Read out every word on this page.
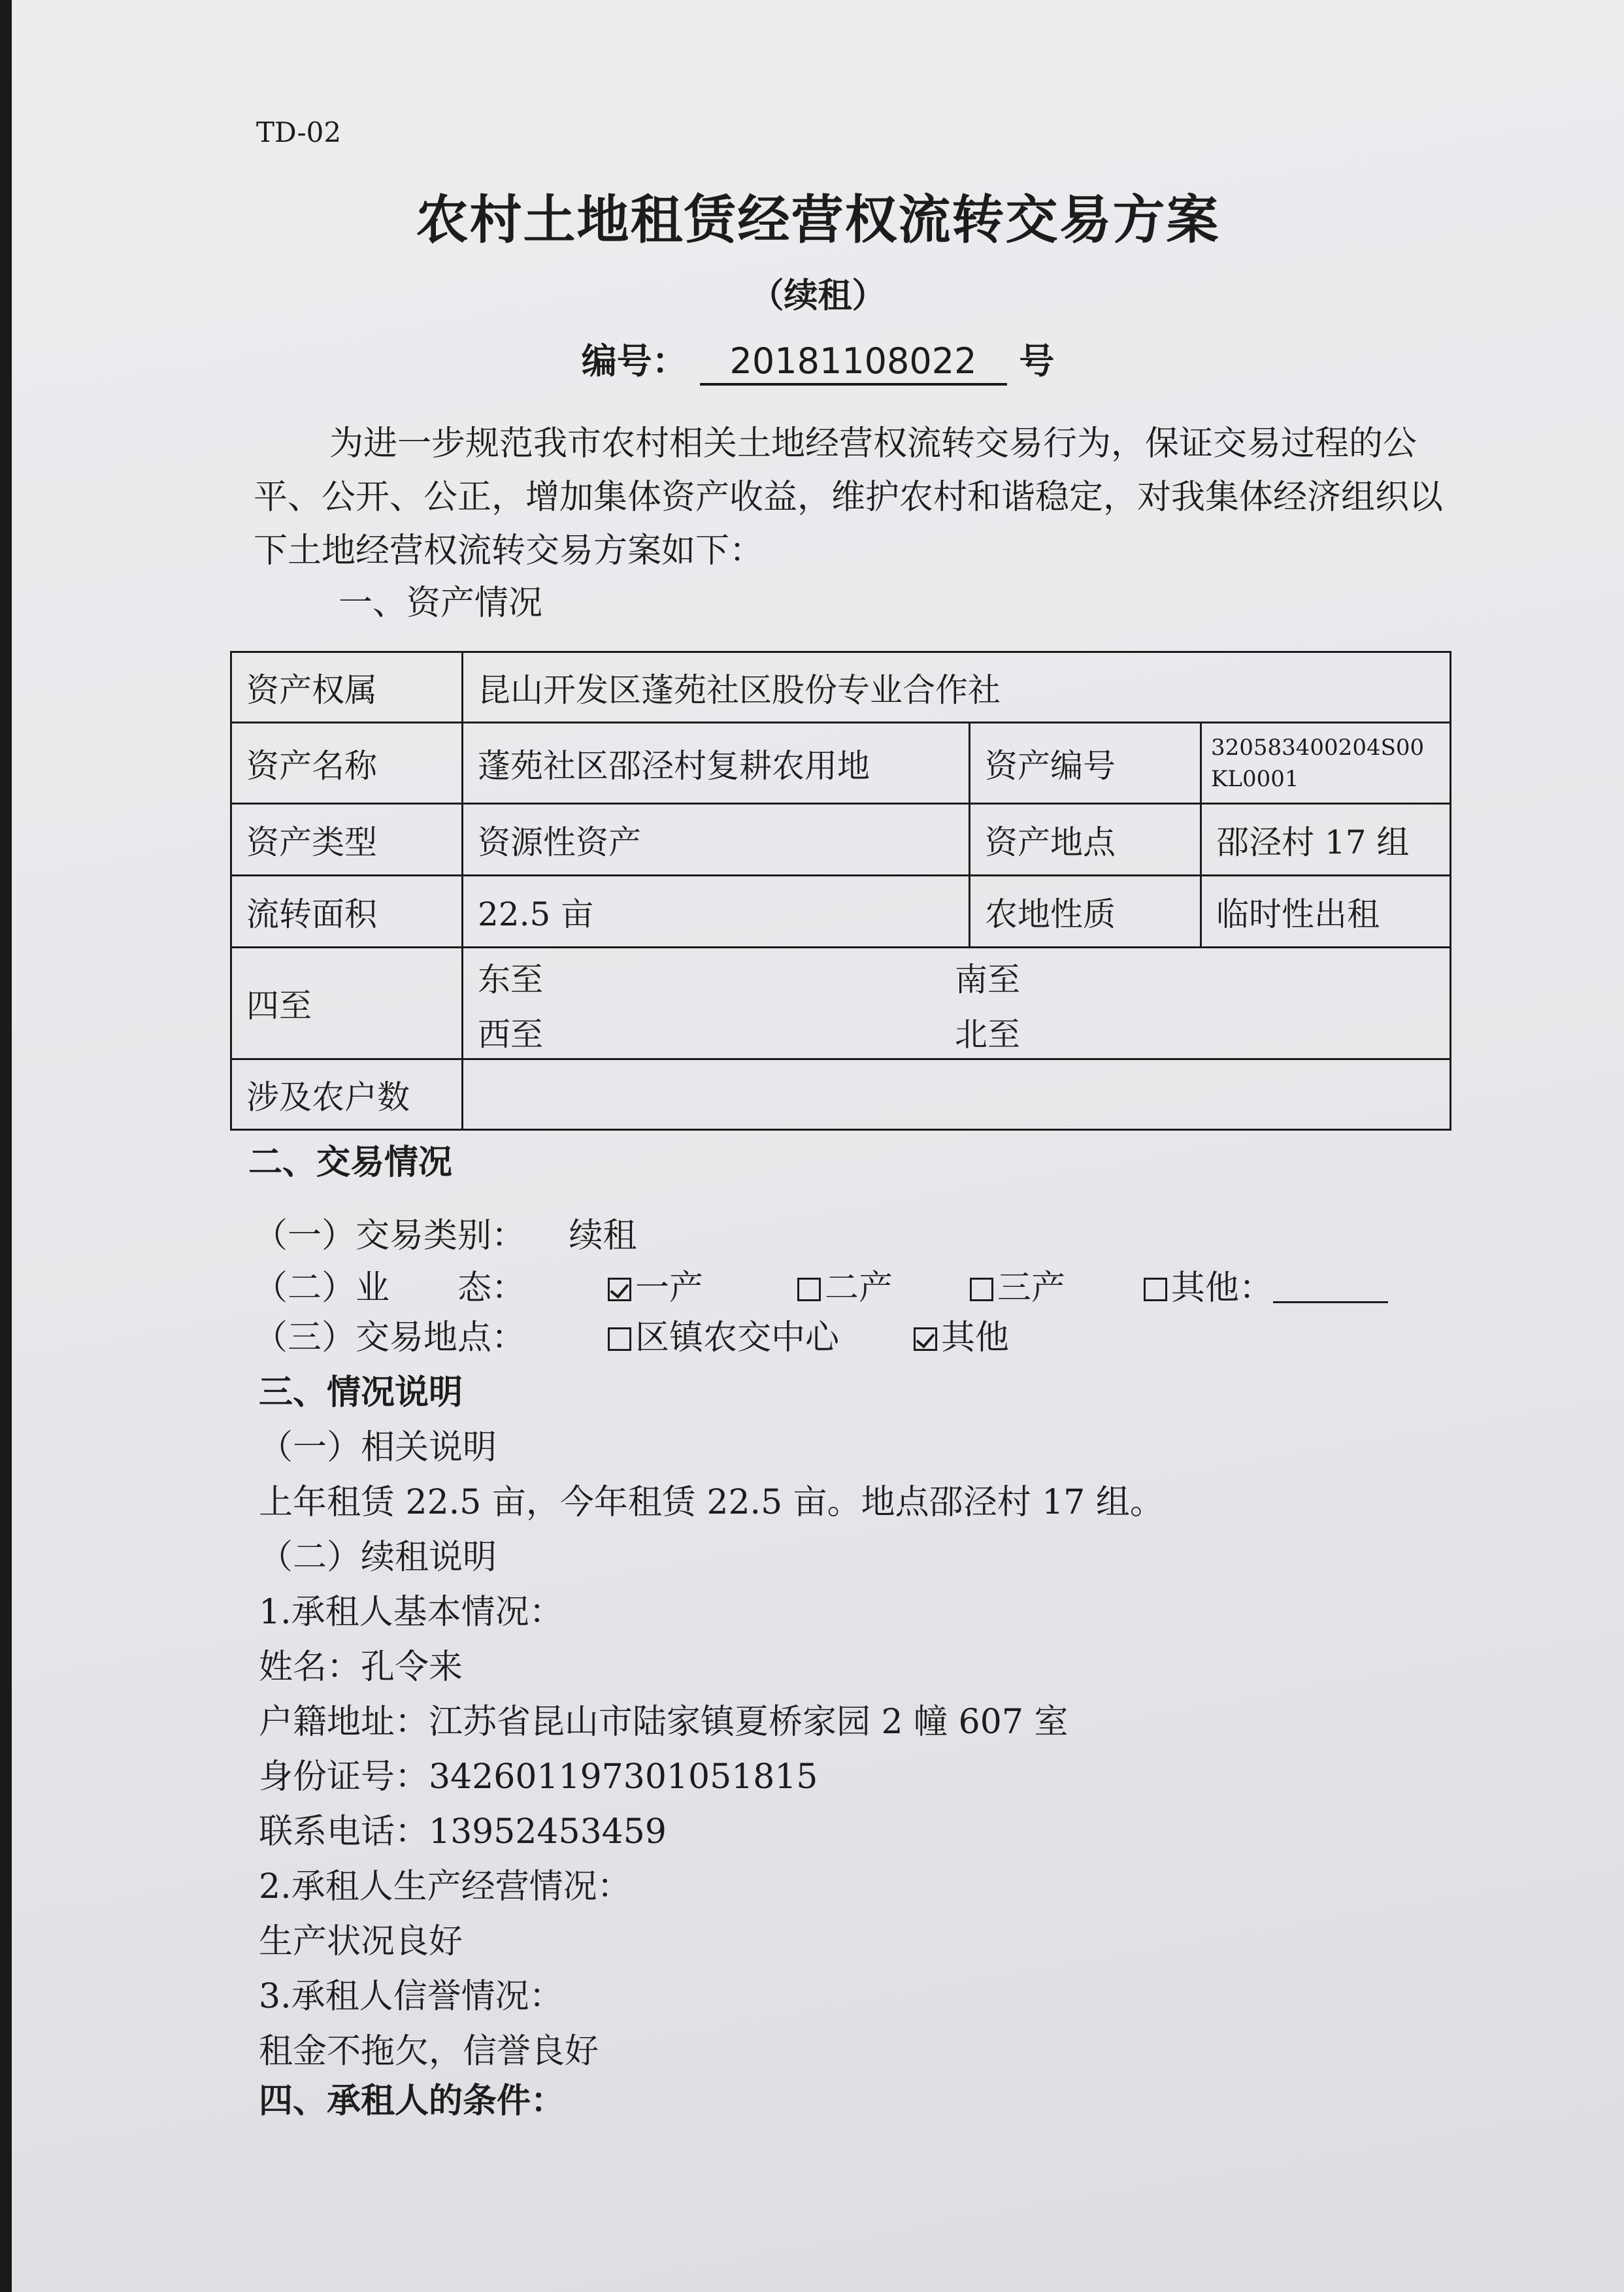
TD-02
农村土地租赁经营权流转交易方案
（续租）
编号： 20181108022 号
为进一步规范我市农村相关土地经营权流转交易行为，保证交易过程的公平、公开、公正，增加集体资产收益，维护农村和谐稳定，对我集体经济组织以下土地经营权流转交易方案如下：
一、资产情况
资产权属	昆山开发区蓬苑社区股份专业合作社		
资产名称	蓬苑社区邵泾村复耕农用地	资产编号	320583400204S00KL0001
资产类型	资源性资产	资产地点	邵泾村 17 组
流转面积	22.5 亩	农地性质	临时性出租
四至	东至 南至
西至 北至		

涉及农户数			
二、交易情况
（一）交易类别： 续租
（二）业　　态：	一产	二产	三产	其他：
（三）交易地点：	区镇农交中心	其他
三、情况说明
（一）相关说明
上年租赁 22.5 亩，今年租赁 22.5 亩。地点邵泾村 17 组。
（二）续租说明
1.承租人基本情况：
姓名：孔令来
户籍地址：江苏省昆山市陆家镇夏桥家园 2 幢 607 室
身份证号：342601197301051815
联系电话：13952453459
2.承租人生产经营情况：
生产状况良好
3.承租人信誉情况：
租金不拖欠，信誉良好
四、承租人的条件：
